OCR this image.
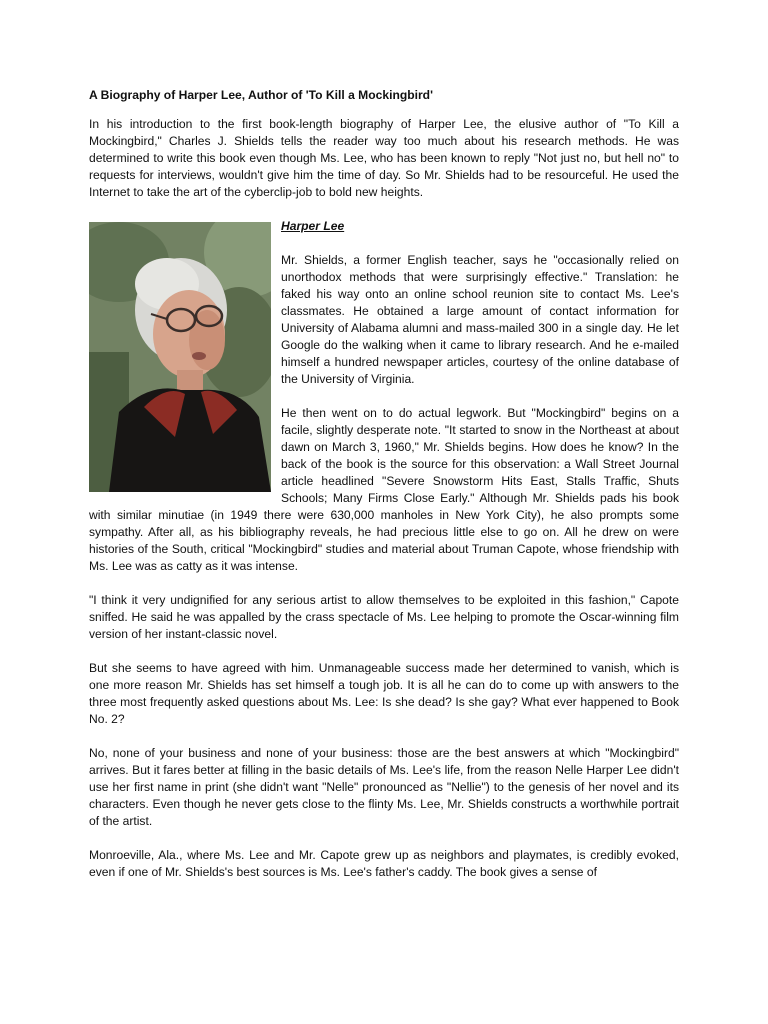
A Biography of Harper Lee, Author of 'To Kill a Mockingbird'

In his introduction to the first book-length biography of Harper Lee, the elusive author of "To Kill a Mockingbird," Charles J. Shields tells the reader way too much about his research methods. He was determined to write this book even though Ms. Lee, who has been known to reply "Not just no, but hell no" to requests for interviews, wouldn't give him the time of day. So Mr. Shields had to be resourceful. He used the Internet to take the art of the cyberclip-job to bold new heights.

Harper Lee

Mr. Shields, a former English teacher, says he "occasionally relied on unorthodox methods that were surprisingly effective." Translation: he faked his way onto an online school reunion site to contact Ms. Lee's classmates. He obtained a large amount of contact information for University of Alabama alumni and mass-mailed 300 in a single day. He let Google do the walking when it came to library research. And he e-mailed himself a hundred newspaper articles, courtesy of the online database of the University of Virginia.

He then went on to do actual legwork. But "Mockingbird" begins on a facile, slightly desperate note. "It started to snow in the Northeast at about dawn on March 3, 1960," Mr. Shields begins. How does he know? In the back of the book is the source for this observation: a Wall Street Journal article headlined "Severe Snowstorm Hits East, Stalls Traffic, Shuts Schools; Many Firms Close Early." Although Mr. Shields pads his book with similar minutiae (in 1949 there were 630,000 manholes in New York City), he also prompts some sympathy. After all, as his bibliography reveals, he had precious little else to go on. All he drew on were histories of the South, critical "Mockingbird" studies and material about Truman Capote, whose friendship with Ms. Lee was as catty as it was intense.

"I think it very undignified for any serious artist to allow themselves to be exploited in this fashion," Capote sniffed. He said he was appalled by the crass spectacle of Ms. Lee helping to promote the Oscar-winning film version of her instant-classic novel.

But she seems to have agreed with him. Unmanageable success made her determined to vanish, which is one more reason Mr. Shields has set himself a tough job. It is all he can do to come up with answers to the three most frequently asked questions about Ms. Lee: Is she dead? Is she gay? What ever happened to Book No. 2?

No, none of your business and none of your business: those are the best answers at which "Mockingbird" arrives. But it fares better at filling in the basic details of Ms. Lee's life, from the reason Nelle Harper Lee didn't use her first name in print (she didn't want "Nelle" pronounced as "Nellie") to the genesis of her novel and its characters. Even though he never gets close to the flinty Ms. Lee, Mr. Shields constructs a worthwhile portrait of the artist.

Monroeville, Ala., where Ms. Lee and Mr. Capote grew up as neighbors and playmates, is credibly evoked, even if one of Mr. Shields's best sources is Ms. Lee's father's caddy. The book gives a sense of
